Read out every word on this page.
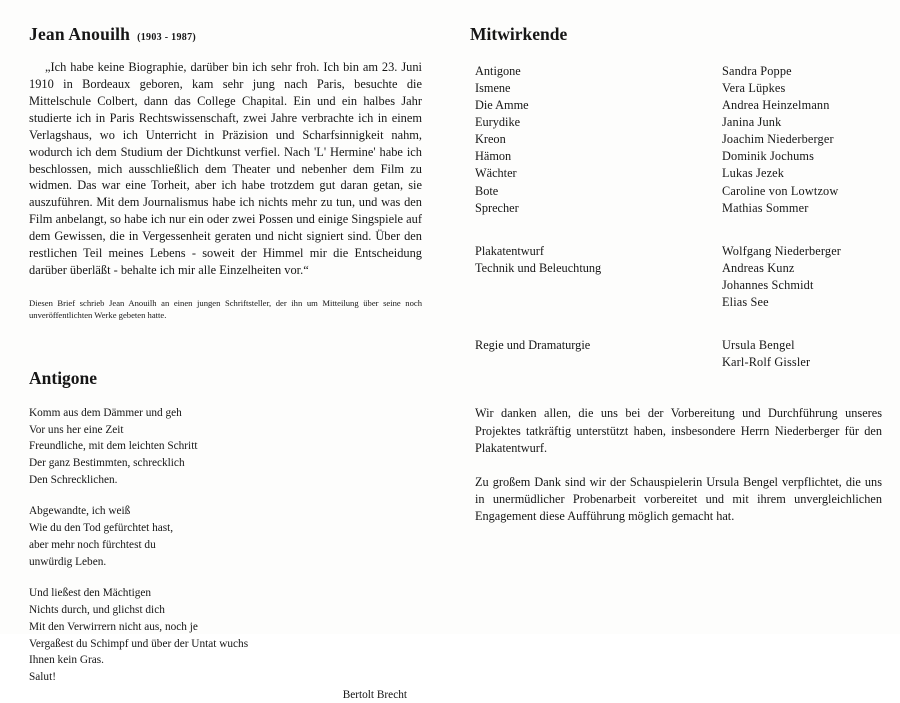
Jean Anouilh (1903 - 1987)

„Ich habe keine Biographie, darüber bin ich sehr froh. Ich bin am 23. Juni 1910 in Bordeaux geboren, kam sehr jung nach Paris, besuchte die Mittelschule Colbert, dann das College Chapital. Ein und ein halbes Jahr studierte ich in Paris Rechtswissenschaft, zwei Jahre verbrachte ich in einem Verlagshaus, wo ich Unterricht in Präzision und Scharfsinnigkeit nahm, wodurch ich dem Studium der Dichtkunst verfiel. Nach 'L' Hermine' habe ich beschlossen, mich ausschließlich dem Theater und nebenher dem Film zu widmen. Das war eine Torheit, aber ich habe trotzdem gut daran getan, sie auszuführen. Mit dem Journalismus habe ich nichts mehr zu tun, und was den Film anbelangt, so habe ich nur ein oder zwei Possen und einige Singspiele auf dem Gewissen, die in Vergessenheit geraten und nicht signiert sind. Über den restlichen Teil meines Lebens - soweit der Himmel mir die Entscheidung darüber überläßt - behalte ich mir alle Einzelheiten vor.“

Diesen Brief schrieb Jean Anouilh an einen jungen Schriftsteller, der ihn um Mitteilung über seine noch unveröffentlichten Werke gebeten hatte.

Antigone

Komm aus dem Dämmer und geh
Vor uns her eine Zeit
Freundliche, mit dem leichten Schritt
Der ganz Bestimmten, schrecklich
Den Schrecklichen.

Abgewandte, ich weiß
Wie du den Tod gefürchtet hast,
aber mehr noch fürchtest du
unwürdig Leben.

Und ließest den Mächtigen
Nichts durch, und glichst dich
Mit den Verwirrern nicht aus, noch je
Vergaßest du Schimpf und über der Untat wuchs
Ihnen kein Gras.
Salut!

Bertolt Brecht
Mitwirkende
Antigone	Sandra Poppe
Ismene	Vera Lüpkes
Die Amme	Andrea Heinzelmann
Eurydike	Janina Junk
Kreon	Joachim Niederberger
Hämon	Dominik Jochums
Wächter	Lukas Jezek
Bote	Caroline von Lowtzow
Sprecher	Mathias Sommer
Plakatentwurf	Wolfgang Niederberger
Technik und Beleuchtung	Andreas Kunz
	Johannes Schmidt
	Elias See
Regie und Dramaturgie	Ursula Bengel
	Karl-Rolf Gissler

Wir danken allen, die uns bei der Vorbereitung und Durchführung unseres Projektes tatkräftig unterstützt haben, insbesondere Herrn Niederberger für den Plakatentwurf.

Zu großem Dank sind wir der Schauspielerin Ursula Bengel verpflichtet, die uns in unermüdlicher Probenarbeit vorbereitet und mit ihrem unvergleichlichen Engagement diese Aufführung möglich gemacht hat.
